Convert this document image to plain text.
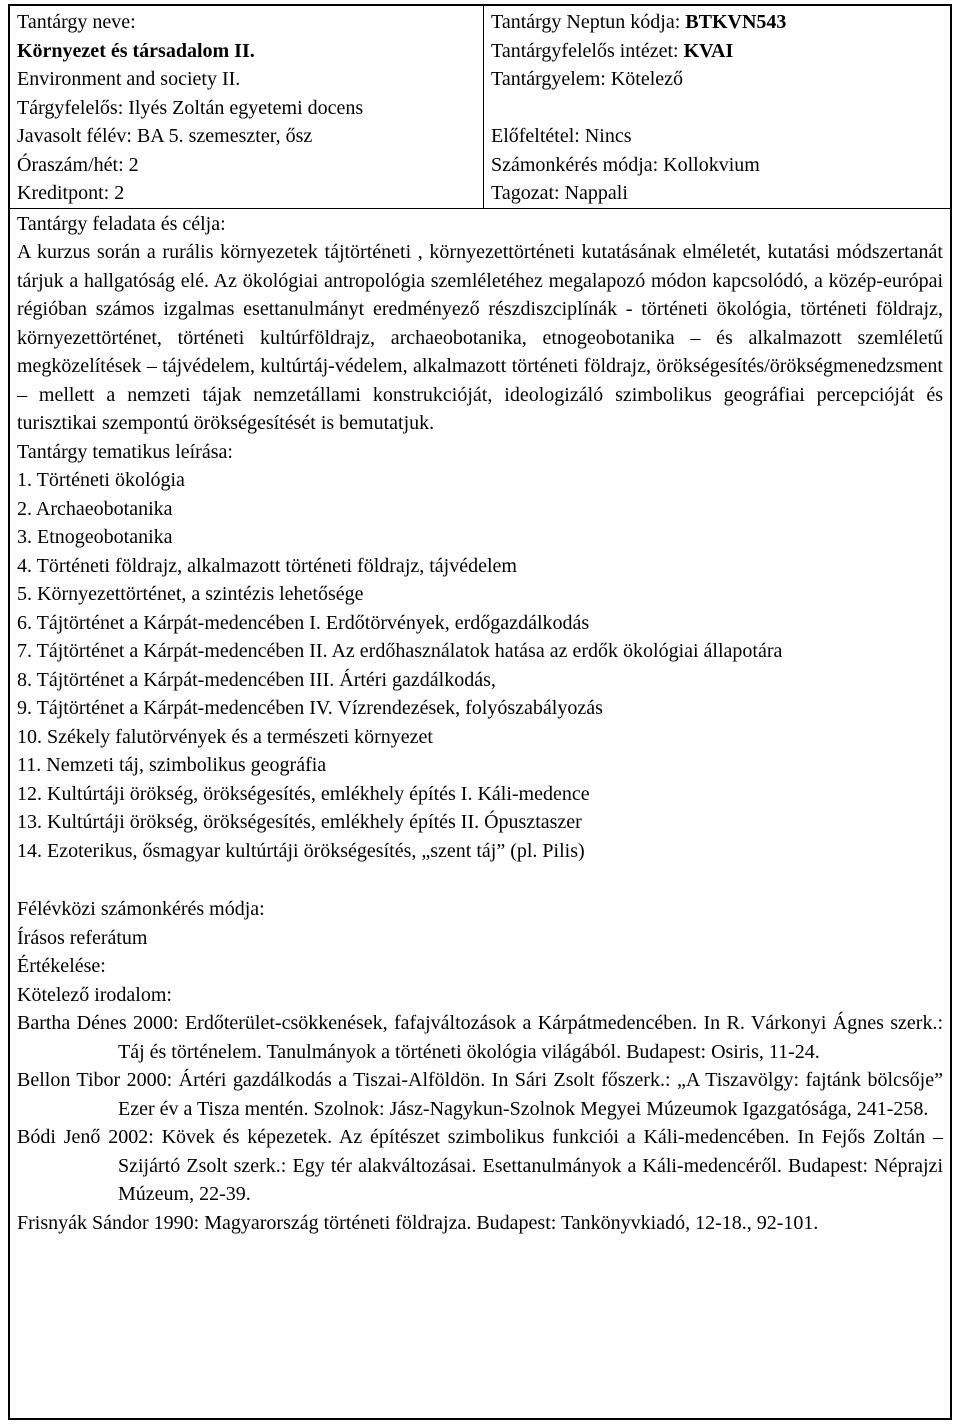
Tantárgy neve:
Környezet és társadalom II.
Environment and society II.
Tárgyfelelős: Ilyés Zoltán egyetemi docens
Javasolt félév: BA 5. szemeszter, ősz
Óraszám/hét: 2
Kreditpont: 2
Tantárgy Neptun kódja: BTKVN543
Tantárgyfelelős intézet: KVAI
Tantárgyelem: Kötelező
Előfeltétel: Nincs
Számonkérés módja: Kollokvium
Tagozat: Nappali
Tantárgy feladata és célja:
A kurzus során a rurális környezetek tájtörténeti , környezettörténeti kutatásának elméletét, kutatási módszertanát tárjuk a hallgatóság elé. Az ökológiai antropológia szemléletéhez megalapozó módon kapcsolódó, a közép-európai régióban számos izgalmas esettanulmányt eredményező részdiszciplínák - történeti ökológia, történeti földrajz, környezettörténet, történeti kultúrföldrajz, archaeobotanika, etnogeobotanika – és alkalmazott szemléletű megközelítések – tájvédelem, kultúrtáj-védelem, alkalmazott történeti földrajz, örökségesítés/örökségmenedzsment – mellett a nemzeti tájak nemzetállami konstrukcióját, ideologizáló szimbolikus geográfiai percepcióját és turisztikai szempontú örökségesítését is bemutatjuk.
Tantárgy tematikus leírása:
1. Történeti ökológia
2. Archaeobotanika
3. Etnogeobotanika
4. Történeti földrajz, alkalmazott történeti földrajz, tájvédelem
5. Környezettörténet, a szintézis lehetősége
6. Tájtörténet a Kárpát-medencében I. Erdőtörvények, erdőgazdálkodás
7. Tájtörténet a Kárpát-medencében II. Az erdőhasználatok hatása az erdők ökológiai állapotára
8. Tájtörténet a Kárpát-medencében III. Ártéri gazdálkodás,
9. Tájtörténet a Kárpát-medencében IV. Vízrendezések, folyószabályozás
10. Székely falutörvények és a természeti környezet
11. Nemzeti táj, szimbolikus geográfia
12. Kultúrtáji örökség, örökségesítés, emlékhely építés I. Káli-medence
13. Kultúrtáji örökség, örökségesítés, emlékhely építés II. Ópusztaszer
14. Ezoterikus, ősmagyar kultúrtáji örökségesítés, „szent táj” (pl. Pilis)
Félévközi számonkérés módja:
Írásos referátum
Értékelése:
Kötelező irodalom:
Bartha Dénes 2000: Erdőterület-csökkenések, fafajváltozások a Kárpátmedencében. In R. Várkonyi Ágnes szerk.: Táj és történelem. Tanulmányok a történeti ökológia világából. Budapest: Osiris, 11-24.
Bellon Tibor 2000: Ártéri gazdálkodás a Tiszai-Alföldön. In Sári Zsolt főszerk.: „A Tiszavölgy: fajtánk bölcsője” Ezer év a Tisza mentén. Szolnok: Jász-Nagykun-Szolnok Megyei Múzeumok Igazgatósága, 241-258.
Bódi Jenő 2002: Kövek és képezetek. Az építészet szimbolikus funkciói a Káli-medencében. In Fejős Zoltán – Szijártó Zsolt szerk.: Egy tér alakváltozásai. Esettanulmányok a Káli-medencéről. Budapest: Néprajzi Múzeum, 22-39.
Frisnyák Sándor 1990: Magyarország történeti földrajza. Budapest: Tankönyvkiadó, 12-18., 92-101.
